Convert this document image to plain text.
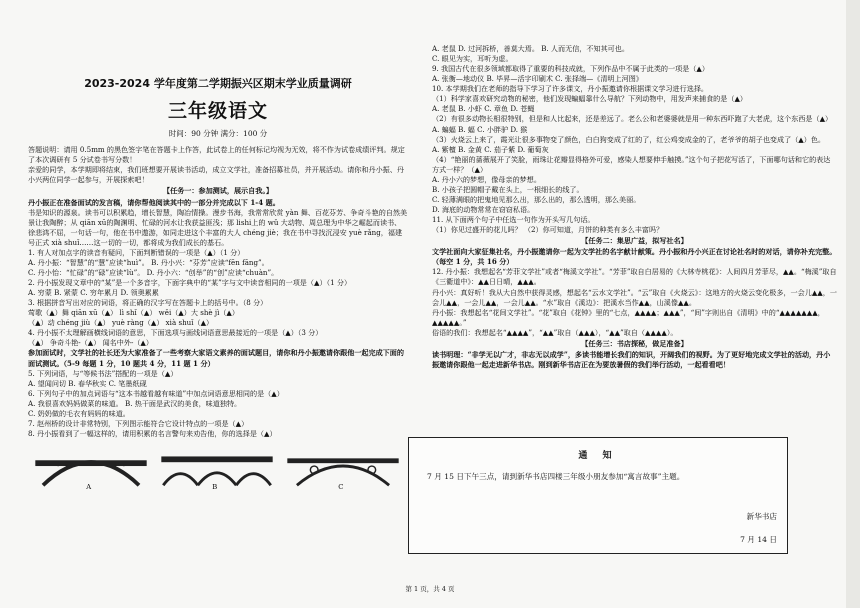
2023-2024 学年度第二学期振兴区期末学业质量调研
三年级语文
时间：90 分钟 满分：100 分

答题说明：请用 0.5mm 的黑色签字笔在答题卡上作答，此试卷上的任何标记均视为无效，将不作为试卷成绩评判。规定了本次调研有 5 分试卷书写分数！

亲爱的同学，本学期即将结束，我们班想要开展读书活动，成立文学社，准备招募社员，并开展活动。请你和丹小振、丹小兴两位同学一起参与，开展探索吧！

【任务一：参加测试，展示自我。】

丹小振正在准备面试的发言稿，请你帮他阅读其中的一部分并完成以下 1-4 题。

书是知识的源泉。读书可以积累趋，增长智慧，陶冶情操。漫步书海，我常常欣赏 yàn 舞、百花芬芳、争奇斗艳的自然美景让我陶醉；从 qiān xū的陶渊明、忙碌的河水让我获益匪浅；那 lishi上的 wǔ 大动物、周总理为中华之崛起而读书、徐悲鸿不屈，一句话一句，他在书中遨游，如同走进这个丰富的大人 chéng jiè；我在书中寻找沉浸安 yuè rǎng，福建号正式 xià shuǐ……这一切的一切，都将成为我们成长的基石。

1. 有人对加点字的读音有疑问，下面判断错误的一项是（▲）（1 分）

A. 丹小振：“智慧”的“慧”应读“huì”。 B. 丹小兴：“芬芳”应读“fēn fāng”。

C. 丹小怡：“忙碌”的“碌”应读“lù”。 D. 丹小六：“创举”的“创”应读“chuàn”。

2. 丹小振发现文章中的“某”是一个多音字，下面字典中的“某”字与文中读音相同的一项是（▲）（1 分）

A. 穷蒙 B. 紧蒙 C. 穷年累月 D. 领奥累累

3. 根据拼音写出对应的词语，将正确的汉字写在答题卡上的括号中。（8 分）

莺歌（▲）舞 qiān xū（▲） lì shǐ（▲） wěi（▲）大 shè jì（▲）

（▲）动 chéng jiù（▲） yuè ràng（▲） xià shuǐ（▲）

4. 丹小振不太理解画横线词语的意思，下面选项与画线词语意思最接近的一项是（▲）（3 分）

（▲） 争奇斗艳-（▲） 闻名中外-（▲）

参加面试时，文学社的社长还为大家准备了一些考察大家语文素养的面试题目，请你和丹小振邀请你跟他一起完成下面的面试测试。（5-9 每题 1 分，10 题共 4 分，11 题 1 分）

5. 下列词语，与“等候书法”搭配的一项是（▲）

A. 望闻问切 B. 春华秋实 C. 笔墨纸砚

6. 下列句子中的加点词语与“这本书越看越有味道”中加点词语意思相同的是（▲）

A. 我很喜欢妈妈做菜的味道。 B. 热干面是武汉的美食，味道独特。

C. 奶奶做的毛衣有妈妈的味道。

7. 赵州桥的设计非常特别，下列图示能符合它设计特点的一项是（▲）

8. 丹小振看到了一幅这样的，请用积累的名言警句来劝告他，你的选择是（▲）

A	B	C

A. 老鼠 D. 过河拆桥，善莫大焉。 B. 人而无信，不知其可也。

C. 眼见为实，耳听为虚。

9. 我国古代在很多领域都取得了重要的科技成就，下列作品中不属于此类的一项是（▲）

A. 张衡—地动仪 B. 毕昇—活字印刷术 C. 张择端—《清明上河图》

10. 本学期我们在老师的指导下学习了许多课文，丹小振邀请你根据课文学习进行选择。

（1）科学家喜欢研究动物的秘密，他们发现蝙蝠靠什么导航？下列动物中，用发声来捕食的是（▲）

A. 老鼠 B. 小虾 C. 章鱼 D. 苍蝇

（2）有很多动物长相很特别，但是和人比起来，还是差远了。老么公和老婆婆就是用一种东西吓跑了大老虎，这个东西是（▲）

A. 蝙蝠 B. 蝠 C. 小胖驴 D. 猴

（3）火烧云上来了，霞光让很多事物变了颜色，白白狗变成了红的了，红公鸡变成金的了，老爷爷的胡子也变成了（▲）色。

A. 紫檀 B. 金黄 C. 茄子紫 D. 葡萄灰

（4）“艳丽的蔷薇展开了笑脸，雨珠让花瓣显得格外可爱，感染人想要伸手触摸。”这个句子把花写活了，下面哪句话和它的表达方式一样？（▲）

A. 丹小六的梦想，像母亲的梦想。

B. 小孩子把圆帽子戴在头上，一根细长的线了。

C. 轻薄满眼的把鬼地见那么出，那么出的，那么透明，那么美丽。

D. 海底的动物常常在窃窃私语。

11. 从下面两个句子中任选一句作为开头写几句话。

（1）你见过盛开的花儿吗？ （2）你可知道，月饼的种类有多么丰富吗？

【任务二：集思广益，拟写社名】

文学社面向大家征集社名，丹小振邀请你一起为文学社的名字献计献策。丹小振和丹小兴正在讨论社名时的对话，请你补充完整。（每空 1 分，共 16 分）

12. 丹小振：我想起名“芳菲文学社”或者“梅溪文学社”。“芳菲”取自白居易的《大林寺桃花》：人间四月芳菲尽，▲▲。“梅溪”取自《三衢道中》：▲▲日日晴，▲▲▲。

丹小兴：真好听！我从大自然中获得灵感，想起名“云水文学社”。“云”取自《火烧云》：这地方的火烧云变化极多，一会儿▲▲，一会儿▲▲，一会儿▲▲，一会儿▲▲。“水”取自《溪边》：把溪水当作▲▲，山溪像▲▲。

丹小振：我想起名“花间文学社”。“花”取自《花钟》里的“七点，▲▲▲▲；▲▲▲”，“间”字则出自《清明》中的“▲▲▲▲▲▲▲，▲▲▲▲▲。”

俗语的我们：我想起名“▲▲▲▲”，“▲▲”取自（▲▲▲），“▲▲”取自（▲▲▲▲）。

【任务三：书店探秘，做足准备】

读书明理：“非学无以广才，非志无以成学”，多读书能增长我们的知识，开阔我们的视野。为了更好地完成文学社的活动，丹小振邀请你跟他一起走进新华书店。刚到新华书店正在为要放暑假的我们举行活动，一起看看吧！

通 知
7 月 15 日下午三点，请到新华书店四楼三年级小朋友参加“寓言故事”主题。
新华书店
7 月 14 日
第 1 页，共 4 页
